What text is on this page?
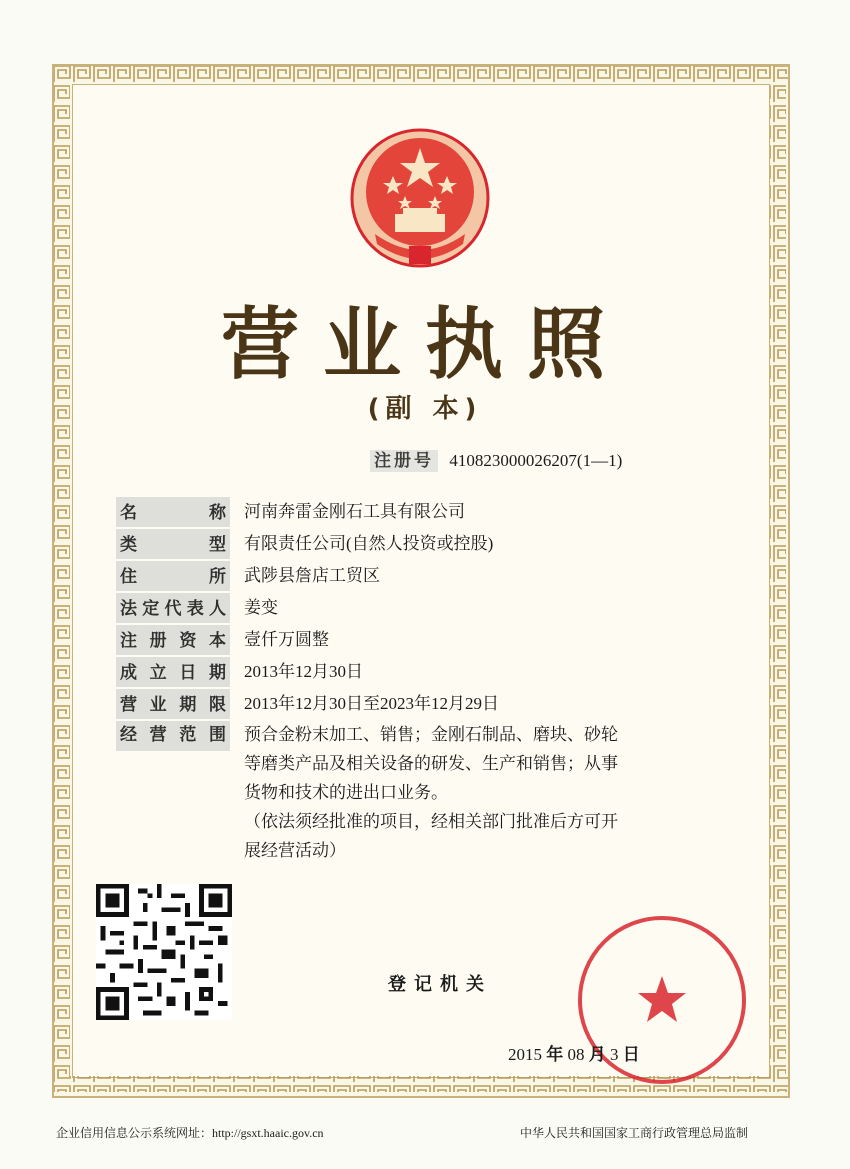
营业执照
(副 本)
注册号 410823000026207(1—1)
名	称 河南奔雷金刚石工具有限公司
类	型 有限责任公司(自然人投资或控股)
住	所 武陟县詹店工贸区
法 定 代 表 人 姜变
注 册 资 本 壹仟万圆整
成 立 日 期 2013年12月30日
营 业 期 限 2013年12月30日至2023年12月29日
经 营 范 围 预合金粉末加工、销售；金刚石制品、磨块、砂轮
等磨类产品及相关设备的研发、生产和销售；从事
货物和技术的进出口业务。
（依法须经批准的项目，经相关部门批准后方可开
展经营活动）
登记机关
2015 年 08 月 3 日
企业信用信息公示系统网址：http://gsxt.haaic.gov.cn	中华人民共和国国家工商行政管理总局监制
